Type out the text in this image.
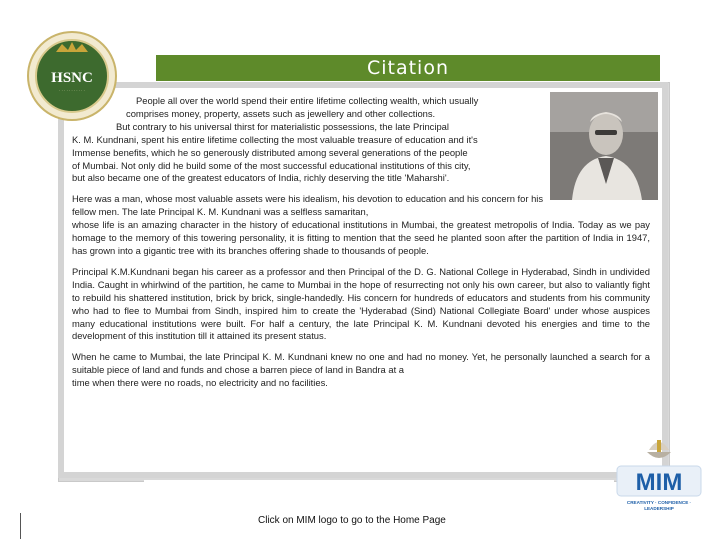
HSNC
· · · · · · · · · · ·
Citation

People all over the world spend their entire lifetime collecting wealth, which usually
comprises money, property, assets such as jewellery and other collections.
But contrary to his universal thirst for materialistic possessions, the late Principal
K. M. Kundnani, spent his entire lifetime collecting the most valuable treasure of education and it's
Immense benefits, which he so generously distributed among several generations of the people
of Mumbai. Not only did he build some of the most successful educational institutions of this city,
but also became one of the greatest educators of India, richly deserving the title 'Maharshi'.

Here was a man, whose most valuable assets were his idealism, his devotion to education and his concern for his fellow men. The late Principal K. M. Kundnani was a selfless samaritan,
whose life is an amazing character in the history of educational institutions in Mumbai, the greatest metropolis of India. Today as we pay homage to the memory of this towering personality, it is fitting to mention that the seed he planted soon after the partition of India in 1947, has grown into a gigantic tree with its branches offering shade to thousands of people.

Principal K.M.Kundnani began his career as a professor and then Principal of the D. G. National College in Hyderabad, Sindh in undivided India. Caught in whirlwind of the partition, he came to Mumbai in the hope of resurrecting not only his own career, but also to valiantly fight to rebuild his shattered institution, brick by brick, single-handedly. His concern for hundreds of educators and students from his community who had to flee to Mumbai from Sindh, inspired him to create the 'Hyderabad (Sind) National Collegiate Board' under whose auspices many educational institutions were built. For half a century, the late Principal K. M. Kundnani devoted his energies and time to the development of this institution till it attained its present status.

When he came to Mumbai, the late Principal K. M. Kundnani knew no one and had no money. Yet, he personally launched a search for a suitable piece of land and funds and chose a barren piece of land in Bandra at a
time when there were no roads, no electricity and no facilities.

MIM
CREATIVITY · CONFIDENCE ·
LEADERSHIP
Click on MIM logo to go to the Home Page
